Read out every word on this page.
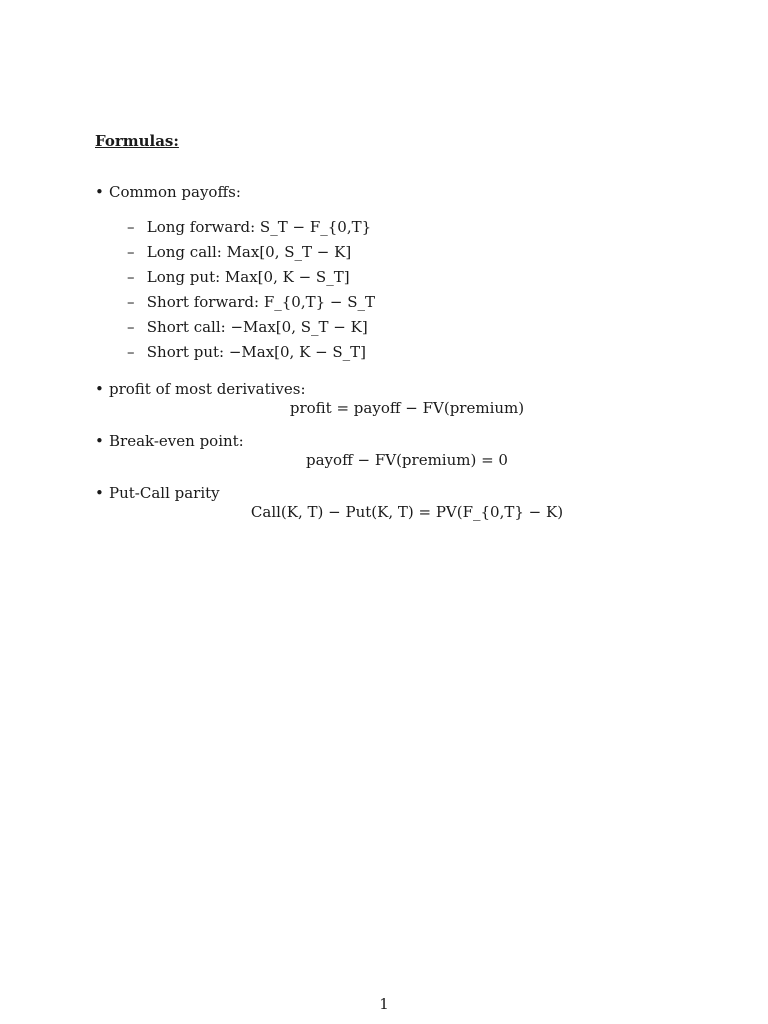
Formulas:
• Common payoffs:
– Long forward: S_T − F_{0,T}
– Long call: Max[0, S_T − K]
– Long put: Max[0, K − S_T]
– Short forward: F_{0,T} − S_T
– Short call: −Max[0, S_T − K]
– Short put: −Max[0, K − S_T]
• profit of most derivatives:
profit = payoff − FV(premium)
• Break-even point:
payoff − FV(premium) = 0
• Put-Call parity
Call(K, T) − Put(K, T) = PV(F_{0,T} − K)
1
